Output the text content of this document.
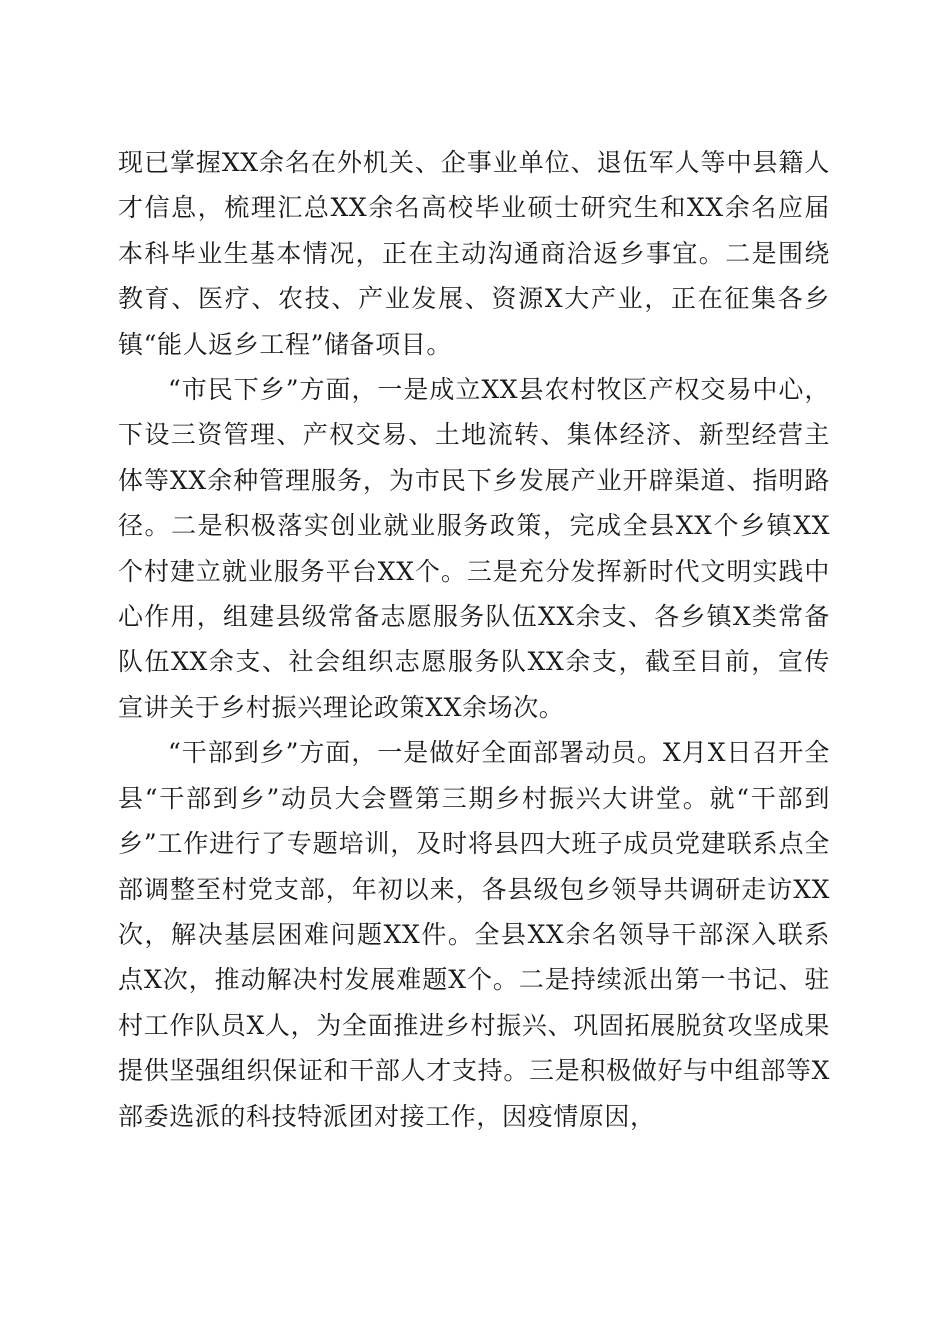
现已掌握XX余名在外机关、企事业单位、退伍军人等中县籍人才信息，梳理汇总XX余名高校毕业硕士研究生和XX余名应届本科毕业生基本情况，正在主动沟通商洽返乡事宜。二是围绕教育、医疗、农技、产业发展、资源X大产业，正在征集各乡镇“能人返乡工程”储备项目。

“市民下乡”方面，一是成立XX县农村牧区产权交易中心，下设三资管理、产权交易、土地流转、集体经济、新型经营主体等XX余种管理服务，为市民下乡发展产业开辟渠道、指明路径。二是积极落实创业就业服务政策，完成全县XX个乡镇XX个村建立就业服务平台XX个。三是充分发挥新时代文明实践中心作用，组建县级常备志愿服务队伍XX余支、各乡镇X类常备队伍XX余支、社会组织志愿服务队XX余支，截至目前，宣传宣讲关于乡村振兴理论政策XX余场次。

“干部到乡”方面，一是做好全面部署动员。X月X日召开全县“干部到乡”动员大会暨第三期乡村振兴大讲堂。就“干部到乡”工作进行了专题培训，及时将县四大班子成员党建联系点全部调整至村党支部，年初以来，各县级包乡领导共调研走访XX次，解决基层困难问题XX件。全县XX余名领导干部深入联系点X次，推动解决村发展难题X个。二是持续派出第一书记、驻村工作队员X人，为全面推进乡村振兴、巩固拓展脱贫攻坚成果提供坚强组织保证和干部人才支持。三是积极做好与中组部等X部委选派的科技特派团对接工作，因疫情原因，
